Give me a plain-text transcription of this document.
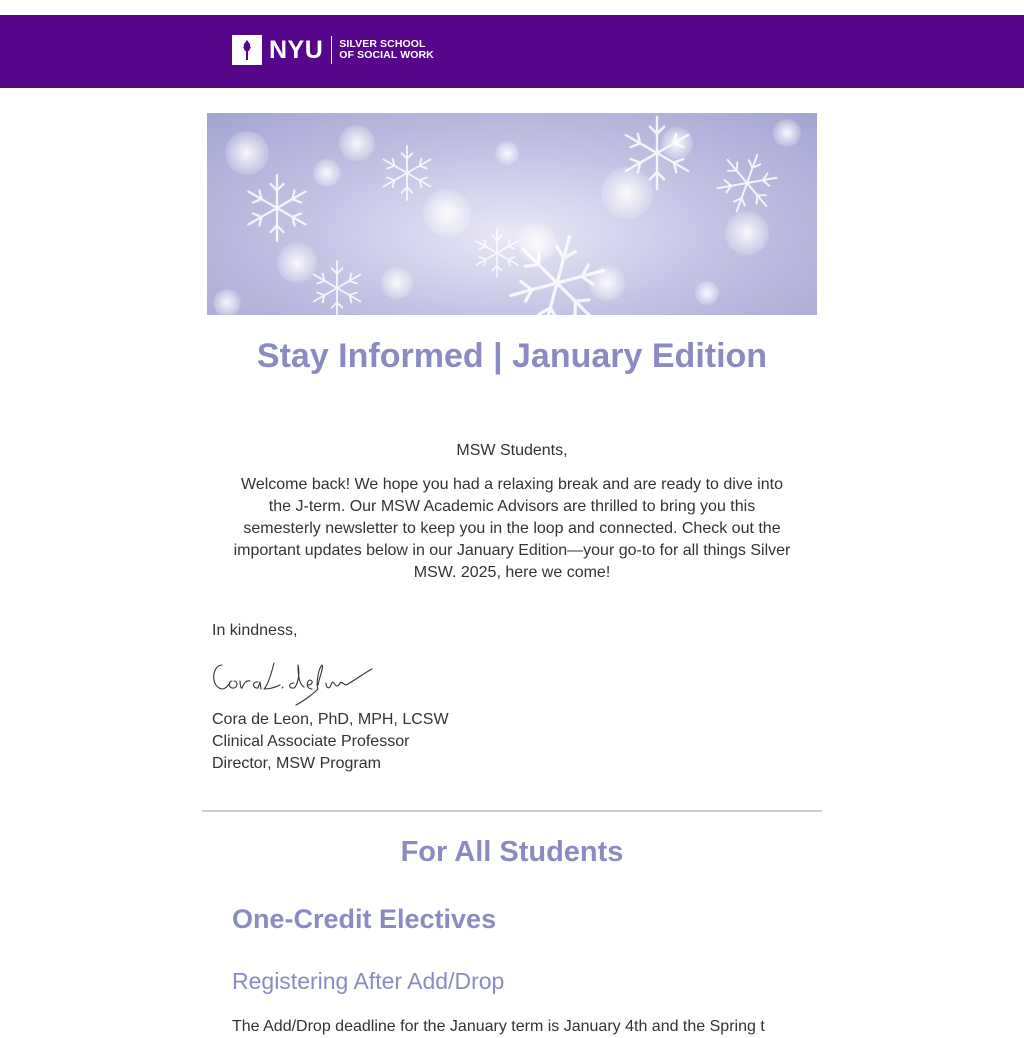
NYU SILVER SCHOOL
OF SOCIAL WORK
Stay Informed | January Edition
MSW Students,
Welcome back! We hope you had a relaxing break and are ready to dive into the J-term. Our MSW Academic Advisors are thrilled to bring you this semesterly newsletter to keep you in the loop and connected. Check out the important updates below in our January Edition—your go-to for all things Silver MSW. 2025, here we come!
In kindness,
Cora de Leon, PhD, MPH, LCSW
Clinical Associate Professor
Director, MSW Program
For All Students
One-Credit Electives
Registering After Add/Drop
The Add/Drop deadline for the January term is January 4th and the Spring t
